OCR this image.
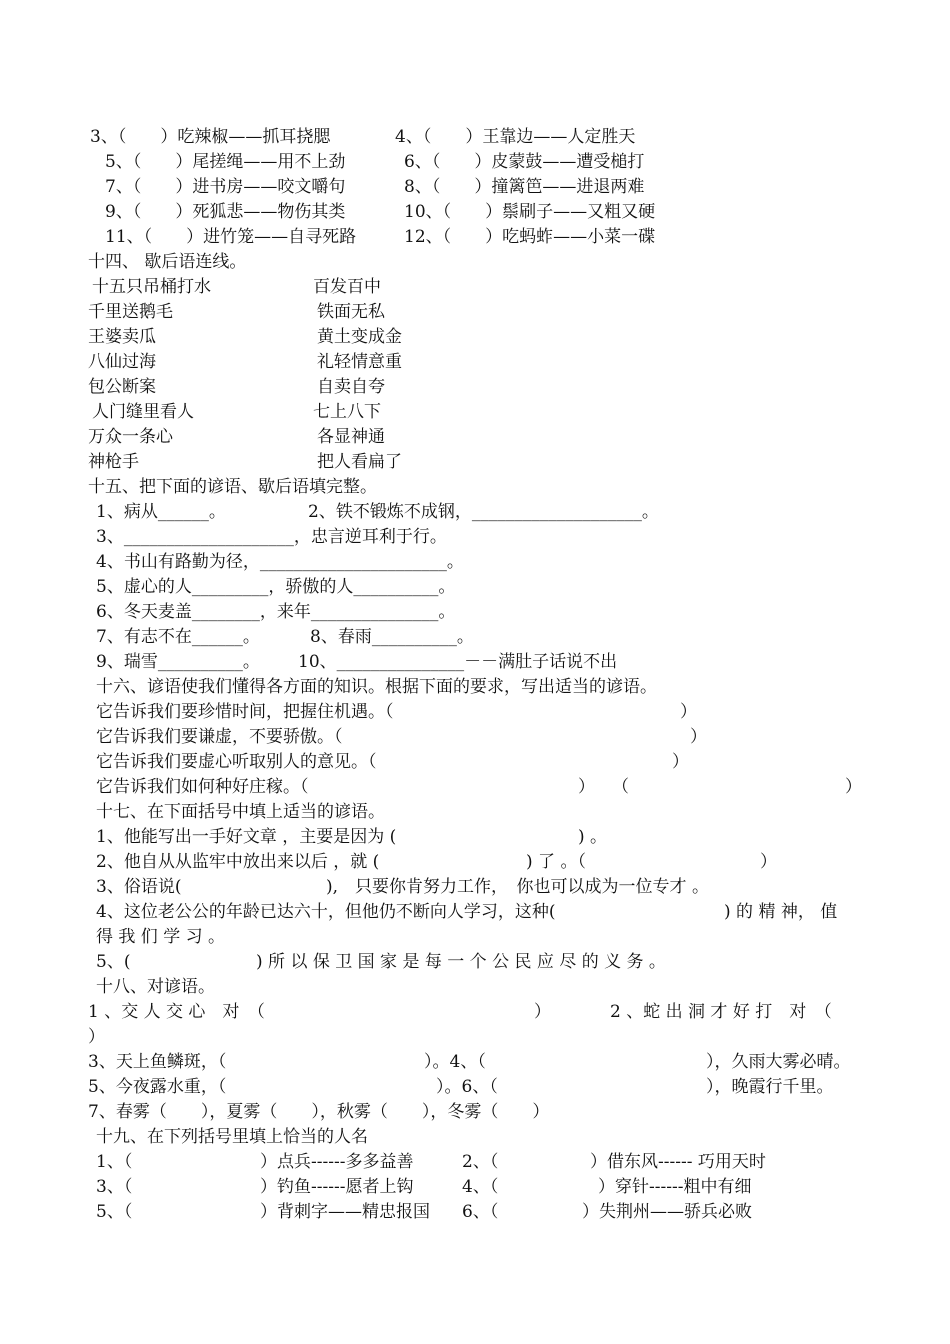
3、（　　）吃辣椒——抓耳挠腮	4、（　　）王靠边——人定胜天
5、（　　）尾搓绳——用不上劲	6、（　　）皮蒙鼓——遭受槌打
7、（　　）进书房——咬文嚼句	8、（　　）撞篱笆——进退两难
9、（　　）死狐悲——物伤其类	10、（　　）鬃刷子——又粗又硬
11、（　　）进竹笼——自寻死路	12、（　　）吃蚂蚱——小菜一碟
十四、 歇后语连线。
十五只吊桶打水	百发百中
千里送鹅毛	铁面无私
王婆卖瓜	黄土变成金
八仙过海	礼轻情意重
包公断案	自卖自夸
人门缝里看人	七上八下
万众一条心	各显神通
神枪手	把人看扁了
十五、把下面的谚语、歇后语填完整。
1、病从______。	2、铁不锻炼不成钢，____________________。
3、____________________，忠言逆耳利于行。
4、书山有路勤为径，______________________。
5、虚心的人_________，骄傲的人__________。
6、冬天麦盖________，来年_______________。
7、有志不在______。	8、春雨__________。
9、瑞雪__________。 10、_______________－－满肚子话说不出
十六、谚语使我们懂得各方面的知识。根据下面的要求，写出适当的谚语。
它告诉我们要珍惜时间，把握住机遇。（	）
它告诉我们要谦虚，不要骄傲。（	）
它告诉我们要虚心听取别人的意见。（	）
它告诉我们如何种好庄稼。（	） （	）
十七、在下面括号中填上适当的谚语。
1、他能写出一手好文章 ，主要是因为 (	) 。
2、他自从从监牢中放出来以后 ，就 (	) 了 。（	）
3、俗语说(	),　只要你肯努力工作，　你也可以成为一位专才 。
4、这位老公公的年龄已达六十，但他仍不断向人学习，这种(	) 的 精 神， 值
得 我 们 学 习 。
5、(	) 所 以 保 卫 国 家 是 每 一 个 公 民 应 尽 的 义 务 。
十八、对谚语。
1 、交 人 交 心　对　（	）	2 、蛇 出 洞 才 好 打　对　（
）
3、天上鱼鳞斑，（	）。4、（	），久雨大雾必晴。
5、今夜露水重，（	）。6、（	），晚霞行千里。
7、春雾（　　），夏雾（　　），秋雾（　　），冬雾（　　）
十九、在下列括号里填上恰当的人名
1、（	）点兵------多多益善	2、（	）借东风------ 巧用天时
3、（	）钓鱼------愿者上钩	4、（	）穿针------粗中有细
5、（	）背刺字——精忠报国 6、（	）失荆州——骄兵必败
